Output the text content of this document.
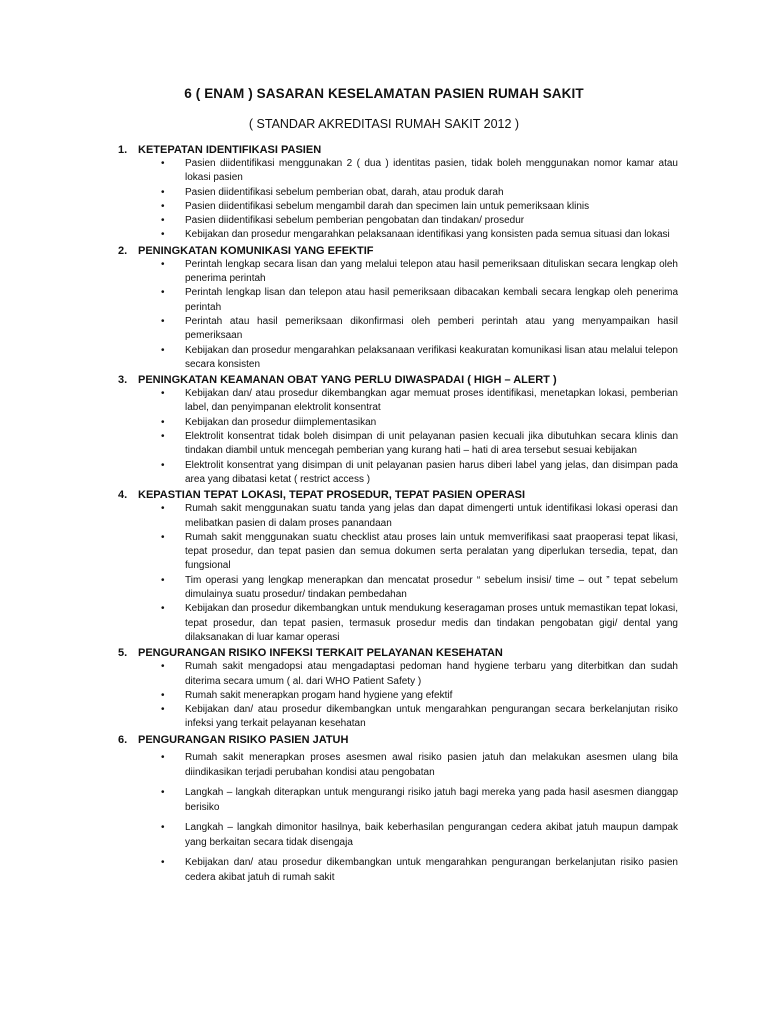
6 ( ENAM ) SASARAN KESELAMATAN PASIEN RUMAH SAKIT
( STANDAR AKREDITASI RUMAH SAKIT 2012 )
1. KETEPATAN IDENTIFIKASI PASIEN
• Pasien diidentifikasi menggunakan 2 ( dua ) identitas pasien, tidak boleh menggunakan nomor kamar atau lokasi pasien
• Pasien diidentifikasi sebelum pemberian obat, darah, atau produk darah
• Pasien diidentifikasi sebelum mengambil darah dan specimen lain untuk pemeriksaan klinis
• Pasien diidentifikasi sebelum pemberian pengobatan dan tindakan/ prosedur
• Kebijakan dan prosedur mengarahkan pelaksanaan identifikasi yang konsisten pada semua situasi dan lokasi
2. PENINGKATAN KOMUNIKASI YANG EFEKTIF
• Perintah lengkap secara lisan dan yang melalui telepon atau hasil pemeriksaan dituliskan secara lengkap oleh penerima perintah
• Perintah lengkap lisan dan telepon atau hasil pemeriksaan dibacakan kembali secara lengkap oleh penerima perintah
• Perintah atau hasil pemeriksaan dikonfirmasi oleh pemberi perintah atau yang menyampaikan hasil pemeriksaan
• Kebijakan dan prosedur mengarahkan pelaksanaan verifikasi keakuratan komunikasi lisan atau melalui telepon secara konsisten
3. PENINGKATAN KEAMANAN OBAT YANG PERLU DIWASPADAI ( HIGH – ALERT )
• Kebijakan dan/ atau prosedur dikembangkan agar memuat proses identifikasi, menetapkan lokasi, pemberian label, dan penyimpanan elektrolit konsentrat
• Kebijakan dan prosedur diimplementasikan
• Elektrolit konsentrat tidak boleh disimpan di unit pelayanan pasien kecuali jika dibutuhkan secara klinis dan tindakan diambil untuk mencegah pemberian yang kurang hati – hati di area tersebut sesuai kebijakan
• Elektrolit konsentrat yang disimpan di unit pelayanan pasien harus diberi label yang jelas, dan disimpan pada area yang dibatasi ketat ( restrict access )
4. KEPASTIAN TEPAT LOKASI, TEPAT PROSEDUR, TEPAT PASIEN OPERASI
• Rumah sakit menggunakan suatu tanda yang jelas dan dapat dimengerti untuk identifikasi lokasi operasi dan melibatkan pasien di dalam proses panandaan
• Rumah sakit menggunakan suatu checklist atau proses lain untuk memverifikasi saat praoperasi tepat likasi, tepat prosedur, dan tepat pasien dan semua dokumen serta peralatan yang diperlukan tersedia, tepat, dan fungsional
• Tim operasi yang lengkap menerapkan dan mencatat prosedur “ sebelum insisi/ time – out ” tepat sebelum dimulainya suatu prosedur/ tindakan pembedahan
• Kebijakan dan prosedur dikembangkan untuk mendukung keseragaman proses untuk memastikan tepat lokasi, tepat prosedur, dan tepat pasien, termasuk prosedur medis dan tindakan pengobatan gigi/ dental yang dilaksanakan di luar kamar operasi
5. PENGURANGAN RISIKO INFEKSI TERKAIT PELAYANAN KESEHATAN
• Rumah sakit mengadopsi atau mengadaptasi pedoman hand hygiene terbaru yang diterbitkan dan sudah diterima secara umum ( al. dari WHO Patient Safety )
• Rumah sakit menerapkan progam hand hygiene yang efektif
• Kebijakan dan/ atau prosedur dikembangkan untuk mengarahkan pengurangan secara berkelanjutan risiko infeksi yang terkait pelayanan kesehatan
6. PENGURANGAN RISIKO PASIEN JATUH
• Rumah sakit menerapkan proses asesmen awal risiko pasien jatuh dan melakukan asesmen ulang bila diindikasikan terjadi perubahan kondisi atau pengobatan
• Langkah – langkah diterapkan untuk mengurangi risiko jatuh bagi mereka yang pada hasil asesmen dianggap berisiko
• Langkah – langkah dimonitor hasilnya, baik keberhasilan pengurangan cedera akibat jatuh maupun dampak yang berkaitan secara tidak disengaja
• Kebijakan dan/ atau prosedur dikembangkan untuk mengarahkan pengurangan berkelanjutan risiko pasien cedera akibat jatuh di rumah sakit
